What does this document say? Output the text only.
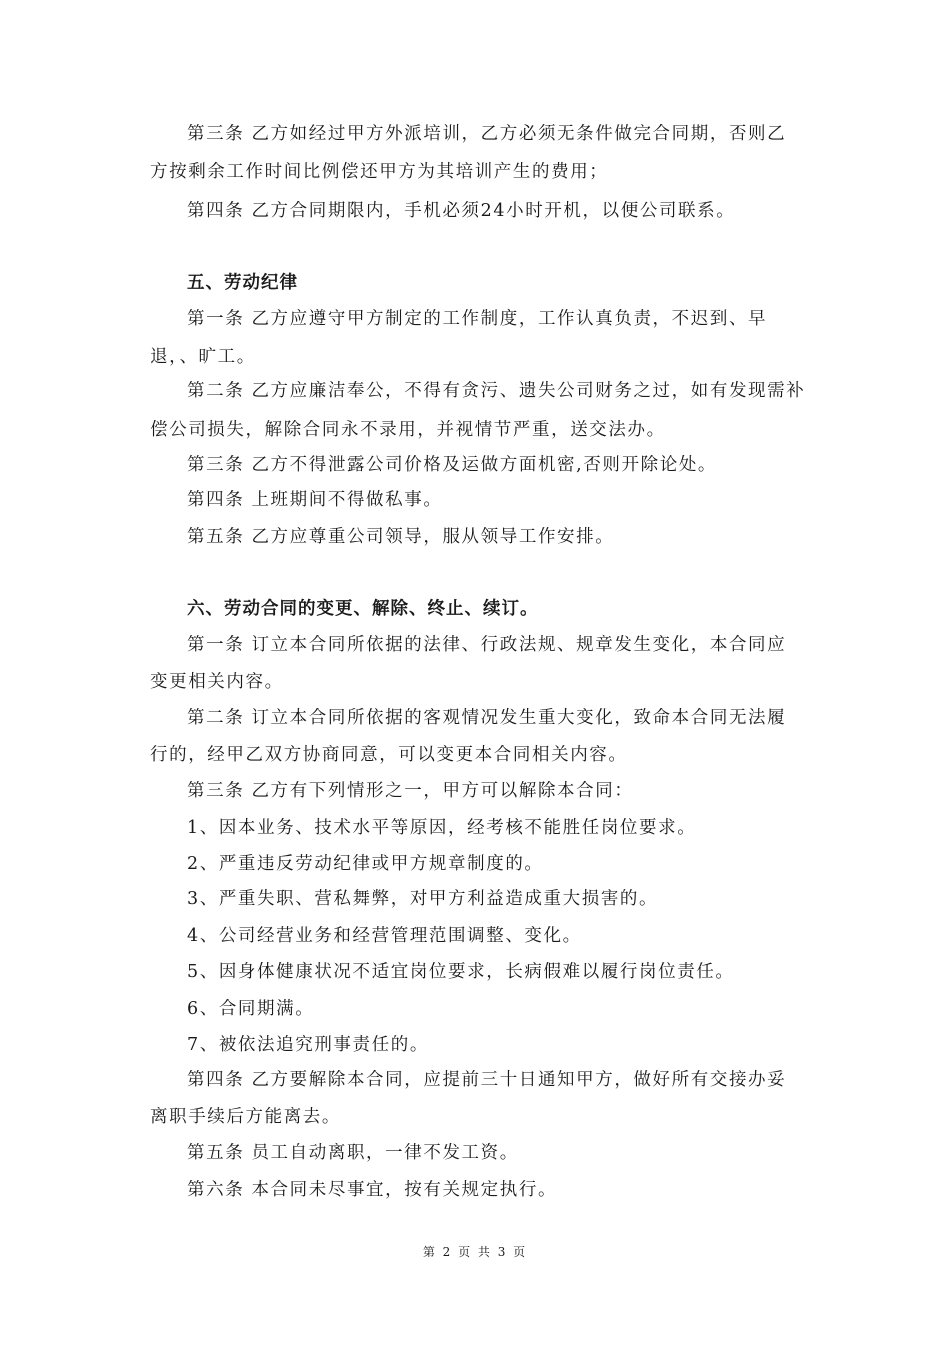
第三条 乙方如经过甲方外派培训，乙方必须无条件做完合同期，否则乙
方按剩余工作时间比例偿还甲方为其培训产生的费用；
第四条 乙方合同期限内，手机必须24小时开机，以便公司联系。
五、劳动纪律
第一条 乙方应遵守甲方制定的工作制度，工作认真负责，不迟到、早
退，、旷工。
第二条 乙方应廉洁奉公，不得有贪污、遗失公司财务之过，如有发现需补
偿公司损失，解除合同永不录用，并视情节严重，送交法办。
第三条 乙方不得泄露公司价格及运做方面机密,否则开除论处。
第四条 上班期间不得做私事。
第五条 乙方应尊重公司领导，服从领导工作安排。
六、劳动合同的变更、解除、终止、续订。
第一条 订立本合同所依据的法律、行政法规、规章发生变化，本合同应
变更相关内容。
第二条 订立本合同所依据的客观情况发生重大变化，致命本合同无法履
行的，经甲乙双方协商同意，可以变更本合同相关内容。
第三条 乙方有下列情形之一，甲方可以解除本合同：
1、因本业务、技术水平等原因，经考核不能胜任岗位要求。
2、严重违反劳动纪律或甲方规章制度的。
3、严重失职、营私舞弊，对甲方利益造成重大损害的。
4、公司经营业务和经营管理范围调整、变化。
5、因身体健康状况不适宜岗位要求，长病假难以履行岗位责任。
6、合同期满。
7、被依法追究刑事责任的。
第四条 乙方要解除本合同，应提前三十日通知甲方，做好所有交接办妥
离职手续后方能离去。
第五条 员工自动离职，一律不发工资。
第六条 本合同未尽事宜，按有关规定执行。
第 2 页 共 3 页
